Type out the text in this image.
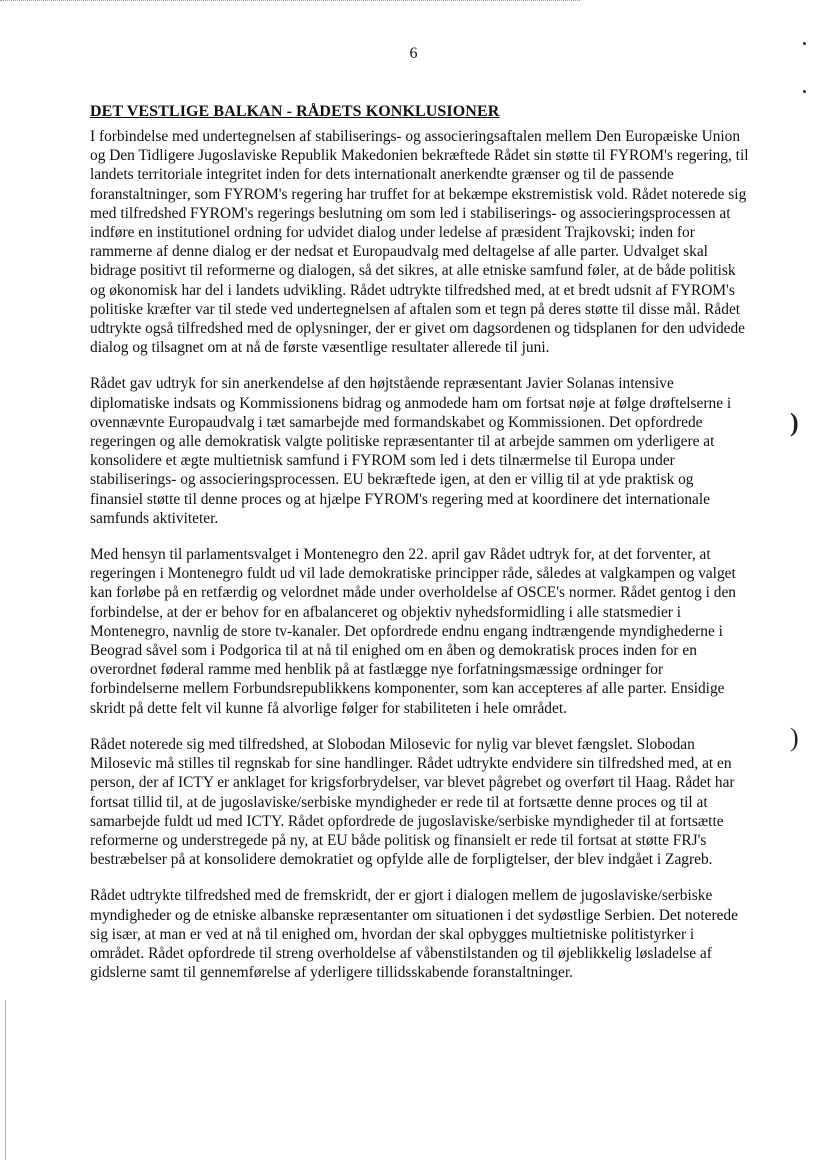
)
)
6
DET VESTLIGE BALKAN - RÅDETS KONKLUSIONER

I forbindelse med undertegnelsen af stabiliserings- og associeringsaftalen mellem Den Europæiske Union og Den Tidligere Jugoslaviske Republik Makedonien bekræftede Rådet sin støtte til FYROM's regering, til landets territoriale integritet inden for dets internationalt anerkendte grænser og til de passende foranstaltninger, som FYROM's regering har truffet for at bekæmpe ekstremistisk vold. Rådet noterede sig med tilfredshed FYROM's regerings beslutning om som led i stabiliserings- og associeringsprocessen at indføre en institutionel ordning for udvidet dialog under ledelse af præsident Trajkovski; inden for rammerne af denne dialog er der nedsat et Europaudvalg med deltagelse af alle parter. Udvalget skal bidrage positivt til reformerne og dialogen, så det sikres, at alle etniske samfund føler, at de både politisk og økonomisk har del i landets udvikling. Rådet udtrykte tilfredshed med, at et bredt udsnit af FYROM's politiske kræfter var til stede ved undertegnelsen af aftalen som et tegn på deres støtte til disse mål. Rådet udtrykte også tilfredshed med de oplysninger, der er givet om dagsordenen og tidsplanen for den udvidede dialog og tilsagnet om at nå de første væsentlige resultater allerede til juni.

Rådet gav udtryk for sin anerkendelse af den højtstående repræsentant Javier Solanas intensive diplomatiske indsats og Kommissionens bidrag og anmodede ham om fortsat nøje at følge drøftelserne i ovennævnte Europaudvalg i tæt samarbejde med formandskabet og Kommissionen. Det opfordrede regeringen og alle demokratisk valgte politiske repræsentanter til at arbejde sammen om yderligere at konsolidere et ægte multietnisk samfund i FYROM som led i dets tilnærmelse til Europa under stabiliserings- og associeringsprocessen. EU bekræftede igen, at den er villig til at yde praktisk og finansiel støtte til denne proces og at hjælpe FYROM's regering med at koordinere det internationale samfunds aktiviteter.

Med hensyn til parlamentsvalget i Montenegro den 22. april gav Rådet udtryk for, at det forventer, at regeringen i Montenegro fuldt ud vil lade demokratiske principper råde, således at valgkampen og valget kan forløbe på en retfærdig og velordnet måde under overholdelse af OSCE's normer. Rådet gentog i den forbindelse, at der er behov for en afbalanceret og objektiv nyhedsformidling i alle statsmedier i Montenegro, navnlig de store tv-kanaler. Det opfordrede endnu engang indtrængende myndighederne i Beograd såvel som i Podgorica til at nå til enighed om en åben og demokratisk proces inden for en overordnet føderal ramme med henblik på at fastlægge nye forfatningsmæssige ordninger for forbindelserne mellem Forbundsrepublikkens komponenter, som kan accepteres af alle parter. Ensidige skridt på dette felt vil kunne få alvorlige følger for stabiliteten i hele området.

Rådet noterede sig med tilfredshed, at Slobodan Milosevic for nylig var blevet fængslet. Slobodan Milosevic må stilles til regnskab for sine handlinger. Rådet udtrykte endvidere sin tilfredshed med, at en person, der af ICTY er anklaget for krigsforbrydelser, var blevet pågrebet og overført til Haag. Rådet har fortsat tillid til, at de jugoslaviske/serbiske myndigheder er rede til at fortsætte denne proces og til at samarbejde fuldt ud med ICTY. Rådet opfordrede de jugoslaviske/serbiske myndigheder til at fortsætte reformerne og understregede på ny, at EU både politisk og finansielt er rede til fortsat at støtte FRJ's bestræbelser på at konsolidere demokratiet og opfylde alle de forpligtelser, der blev indgået i Zagreb.

Rådet udtrykte tilfredshed med de fremskridt, der er gjort i dialogen mellem de jugoslaviske/serbiske myndigheder og de etniske albanske repræsentanter om situationen i det sydøstlige Serbien. Det noterede sig især, at man er ved at nå til enighed om, hvordan der skal opbygges multietniske politistyrker i området. Rådet opfordrede til streng overholdelse af våbenstilstanden og til øjeblikkelig løsladelse af gidslerne samt til gennemførelse af yderligere tillidsskabende foranstaltninger.
